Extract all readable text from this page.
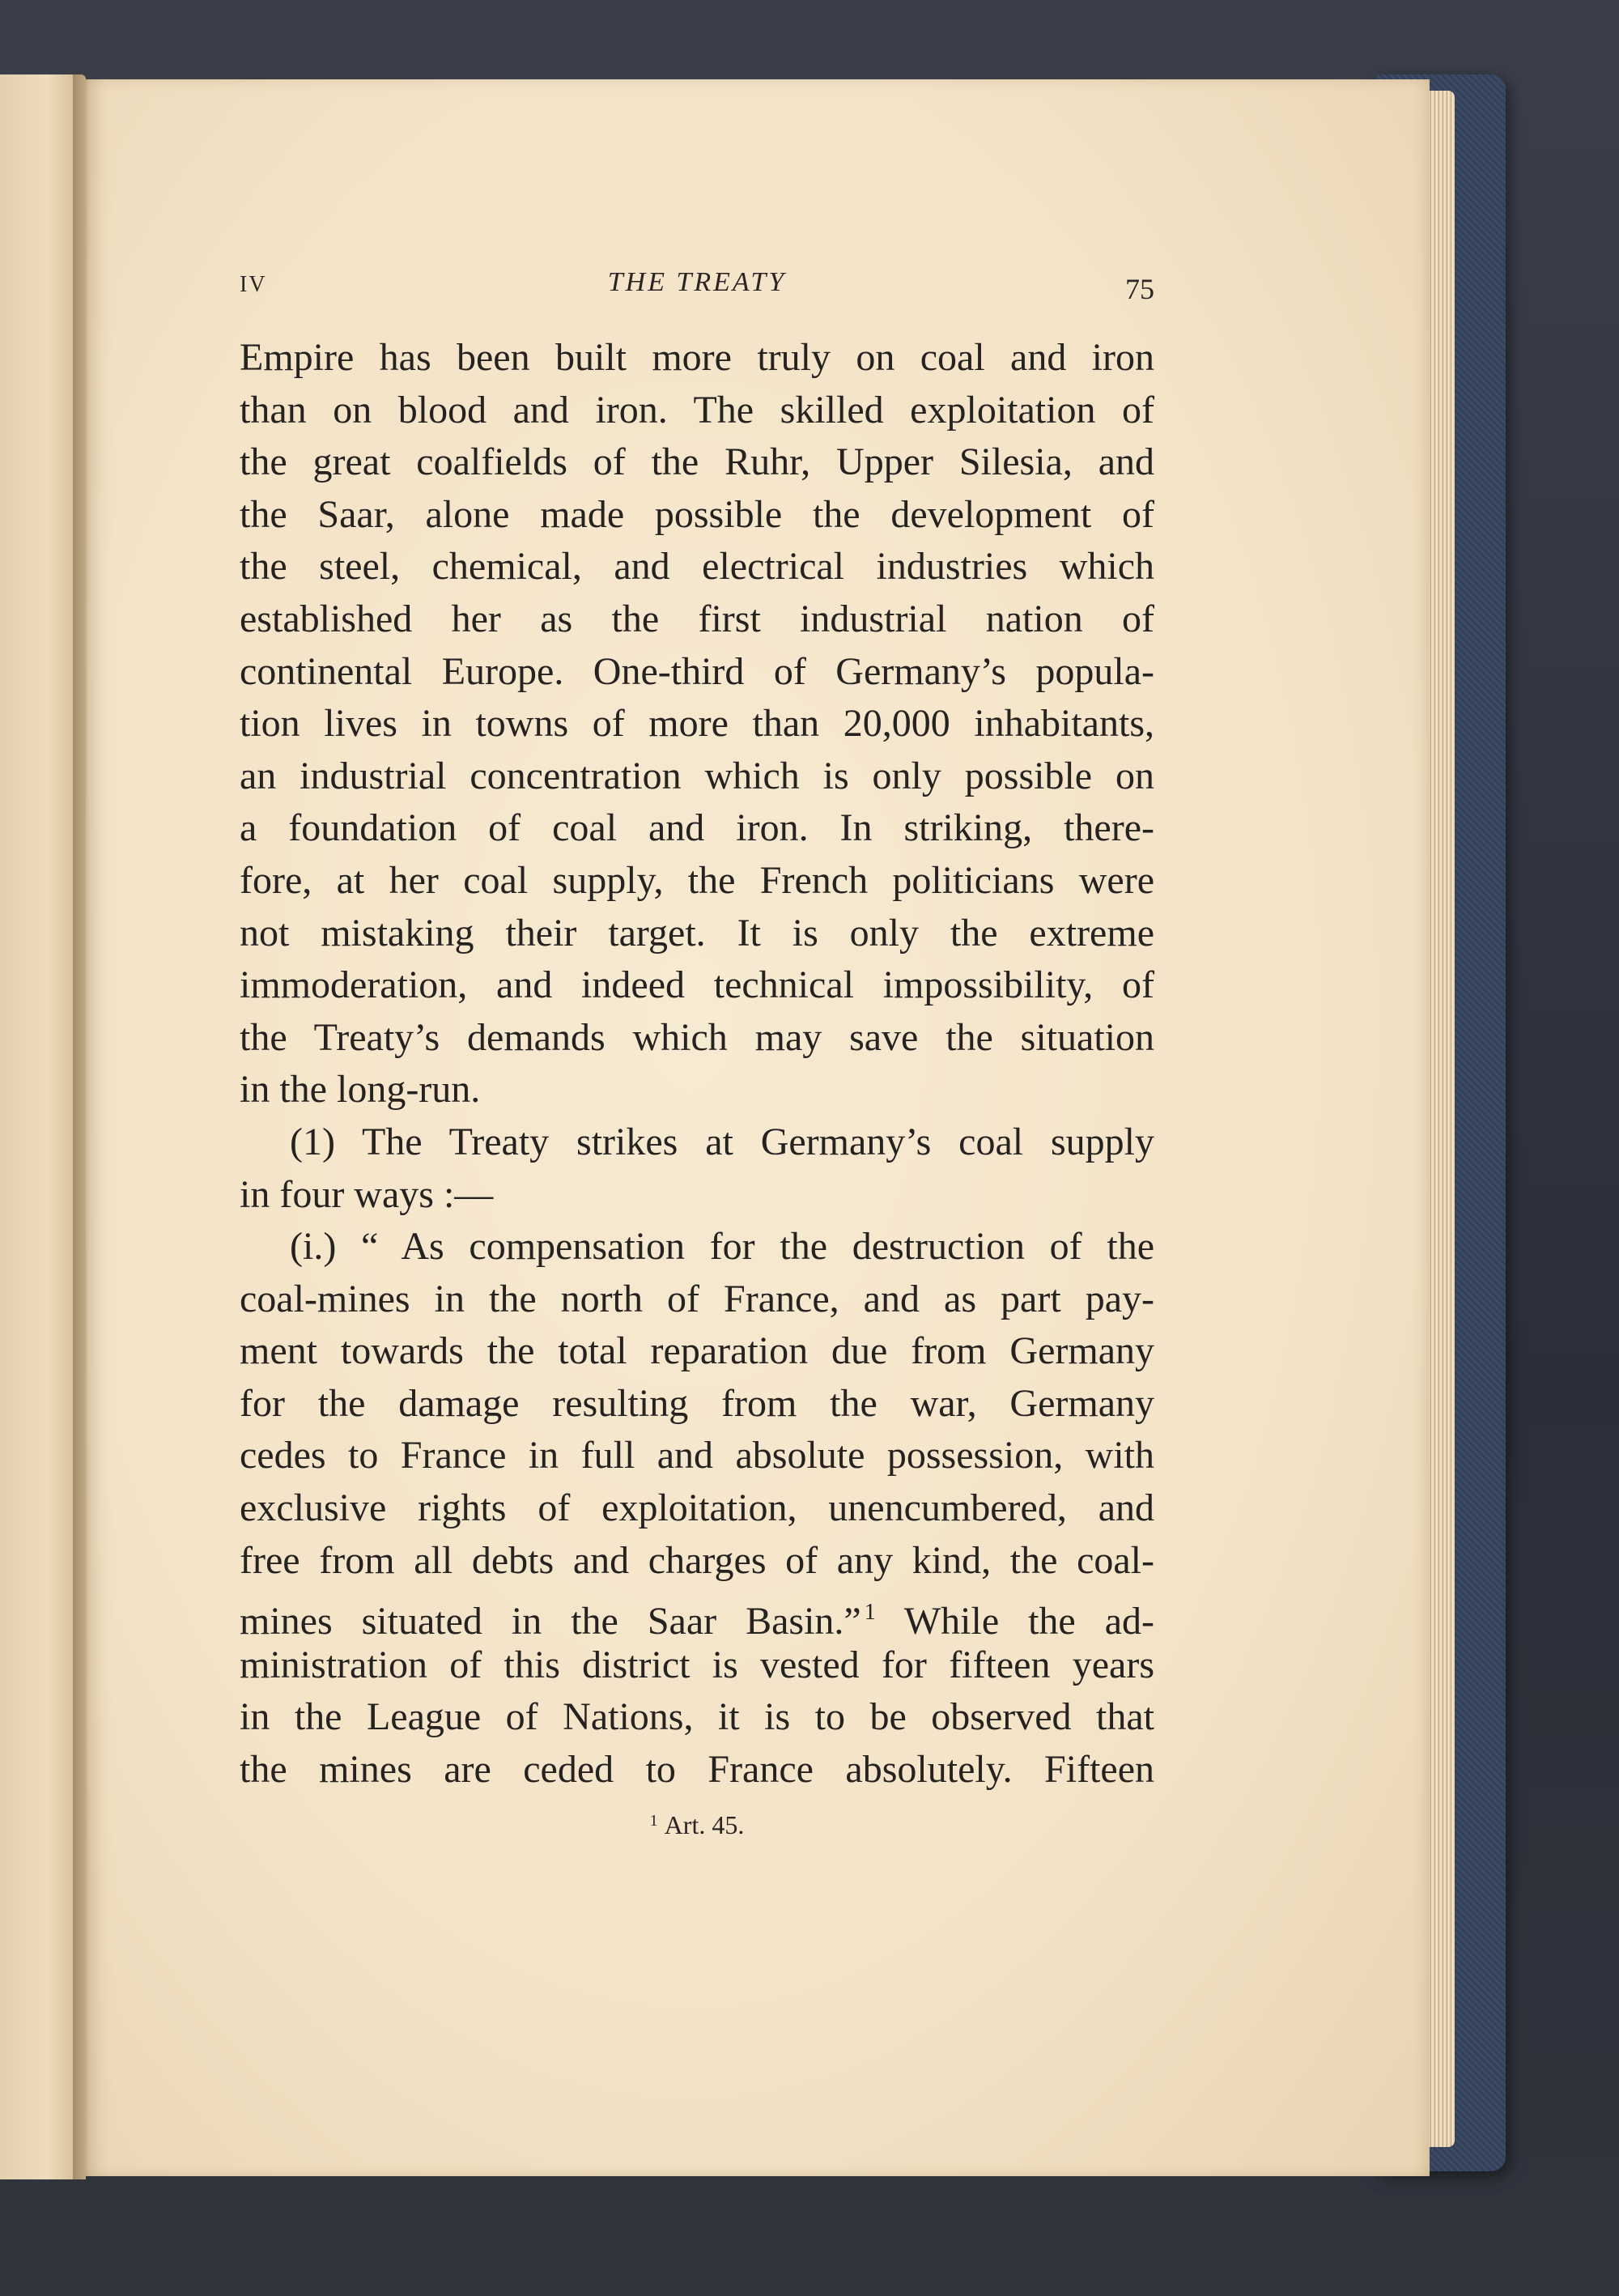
IV	THE TREATY	75
Empire has been built more truly on coal and iron
than on blood and iron. The skilled exploitation of
the great coalfields of the Ruhr, Upper Silesia, and
the Saar, alone made possible the development of
the steel, chemical, and electrical industries which
established her as the first industrial nation of
continental Europe. One-third of Germany’s popula-
tion lives in towns of more than 20,000 inhabitants,
an industrial concentration which is only possible on
a foundation of coal and iron. In striking, there-
fore, at her coal supply, the French politicians were
not mistaking their target. It is only the extreme
immoderation, and indeed technical impossibility, of
the Treaty’s demands which may save the situation
in the long-run.
(1) The Treaty strikes at Germany’s coal supply
in four ways :—
(i.) “ As compensation for the destruction of the
coal-mines in the north of France, and as part pay-
ment towards the total reparation due from Germany
for the damage resulting from the war, Germany
cedes to France in full and absolute possession, with
exclusive rights of exploitation, unencumbered, and
free from all debts and charges of any kind, the coal-
mines situated in the Saar Basin.” $^1$ While the ad-
ministration of this district is vested for fifteen years
in the League of Nations, it is to be observed that
the mines are ceded to France absolutely. Fifteen
$^1$ Art. 45.
